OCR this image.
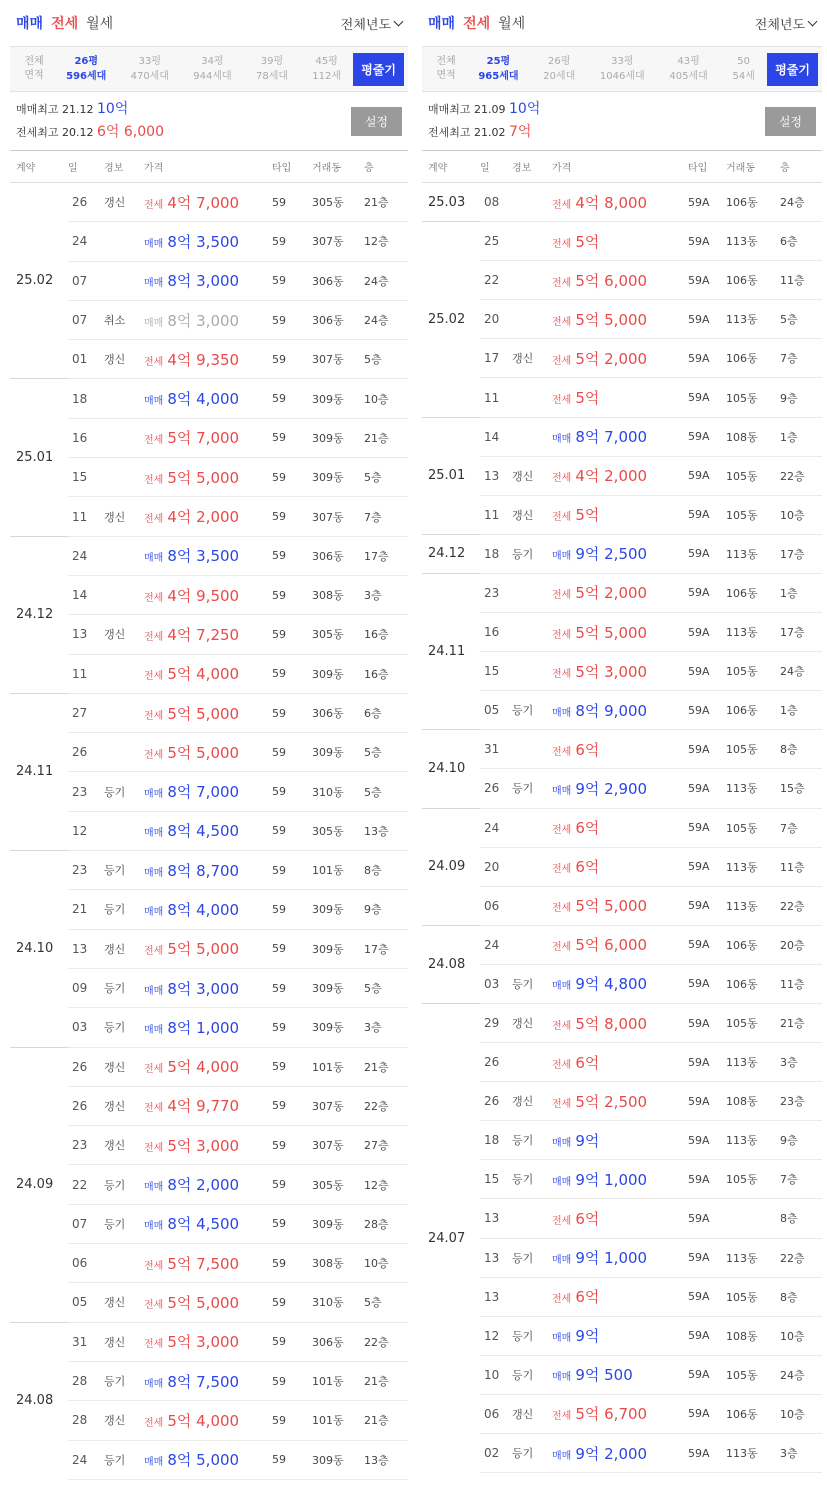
매매 전세 월세	전체년도
전체
면적
26평
596세대
33평
470세대
34평
944세대
39평
78세대
45평
112세	평줄기
매매최고 21.12 10억
전세최고 20.12 6억 6,000
설정
계약	일	경보	가격	타입	거래동	층
25.02	26	갱신	전세 4억 7,000	59	305동	21층
	24		매매 8억 3,500	59	307동	12층
	07		매매 8억 3,000	59	306동	24층
	07	취소	매매 8억 3,000	59	306동	24층
	01	갱신	전세 4억 9,350	59	307동	5층
25.01	18		매매 8억 4,000	59	309동	10층
	16		전세 5억 7,000	59	309동	21층
	15		전세 5억 5,000	59	309동	5층
	11	갱신	전세 4억 2,000	59	307동	7층
24.12	24		매매 8억 3,500	59	306동	17층
	14		전세 4억 9,500	59	308동	3층
	13	갱신	전세 4억 7,250	59	305동	16층
	11		전세 5억 4,000	59	309동	16층
24.11	27		전세 5억 5,000	59	306동	6층
	26		전세 5억 5,000	59	309동	5층
	23	등기	매매 8억 7,000	59	310동	5층
	12		매매 8억 4,500	59	305동	13층
24.10	23	등기	매매 8억 8,700	59	101동	8층
	21	등기	매매 8억 4,000	59	309동	9층
	13	갱신	전세 5억 5,000	59	309동	17층
	09	등기	매매 8억 3,000	59	309동	5층
	03	등기	매매 8억 1,000	59	309동	3층
24.09	26	갱신	전세 5억 4,000	59	101동	21층
	26	갱신	전세 4억 9,770	59	307동	22층
	23	갱신	전세 5억 3,000	59	307동	27층
	22	등기	매매 8억 2,000	59	305동	12층
	07	등기	매매 8억 4,500	59	309동	28층
	06		전세 5억 7,500	59	308동	10층
	05	갱신	전세 5억 5,000	59	310동	5층
24.08	31	갱신	전세 5억 3,000	59	306동	22층
	28	등기	매매 8억 7,500	59	101동	21층
	28	갱신	전세 5억 4,000	59	101동	21층
	24	등기	매매 8억 5,000	59	309동	13층
매매 전세 월세	전체년도
전체
면적
25평
965세대
26평
20세대
33평
1046세대
43평
405세대
50
54세	평줄기
매매최고 21.09 10억
전세최고 21.02 7억
설정
계약	일	경보	가격	타입	거래동	층
25.03	08		전세 4억 8,000	59A	106동	24층
25.02	25		전세 5억	59A	113동	6층
	22		전세 5억 6,000	59A	106동	11층
	20		전세 5억 5,000	59A	113동	5층
	17	갱신	전세 5억 2,000	59A	106동	7층
	11		전세 5억	59A	105동	9층
25.01	14		매매 8억 7,000	59A	108동	1층
	13	갱신	전세 4억 2,000	59A	105동	22층
	11	갱신	전세 5억	59A	105동	10층
24.12	18	등기	매매 9억 2,500	59A	113동	17층
24.11	23		전세 5억 2,000	59A	106동	1층
	16		전세 5억 5,000	59A	113동	17층
	15		전세 5억 3,000	59A	105동	24층
	05	등기	매매 8억 9,000	59A	106동	1층
24.10	31		전세 6억	59A	105동	8층
	26	등기	매매 9억 2,900	59A	113동	15층
24.09	24		전세 6억	59A	105동	7층
	20		전세 6억	59A	113동	11층
	06		전세 5억 5,000	59A	113동	22층
24.08	24		전세 5억 6,000	59A	106동	20층
	03	등기	매매 9억 4,800	59A	106동	11층
24.07	29	갱신	전세 5억 8,000	59A	105동	21층
	26		전세 6억	59A	113동	3층
	26	갱신	전세 5억 2,500	59A	108동	23층
	18	등기	매매 9억	59A	113동	9층
	15	등기	매매 9억 1,000	59A	105동	7층
	13		전세 6억	59A		8층
	13	등기	매매 9억 1,000	59A	113동	22층
	13		전세 6억	59A	105동	8층
	12	등기	매매 9억	59A	108동	10층
	10	등기	매매 9억 500	59A	105동	24층
	06	갱신	전세 5억 6,700	59A	106동	10층
	02	등기	매매 9억 2,000	59A	113동	3층
